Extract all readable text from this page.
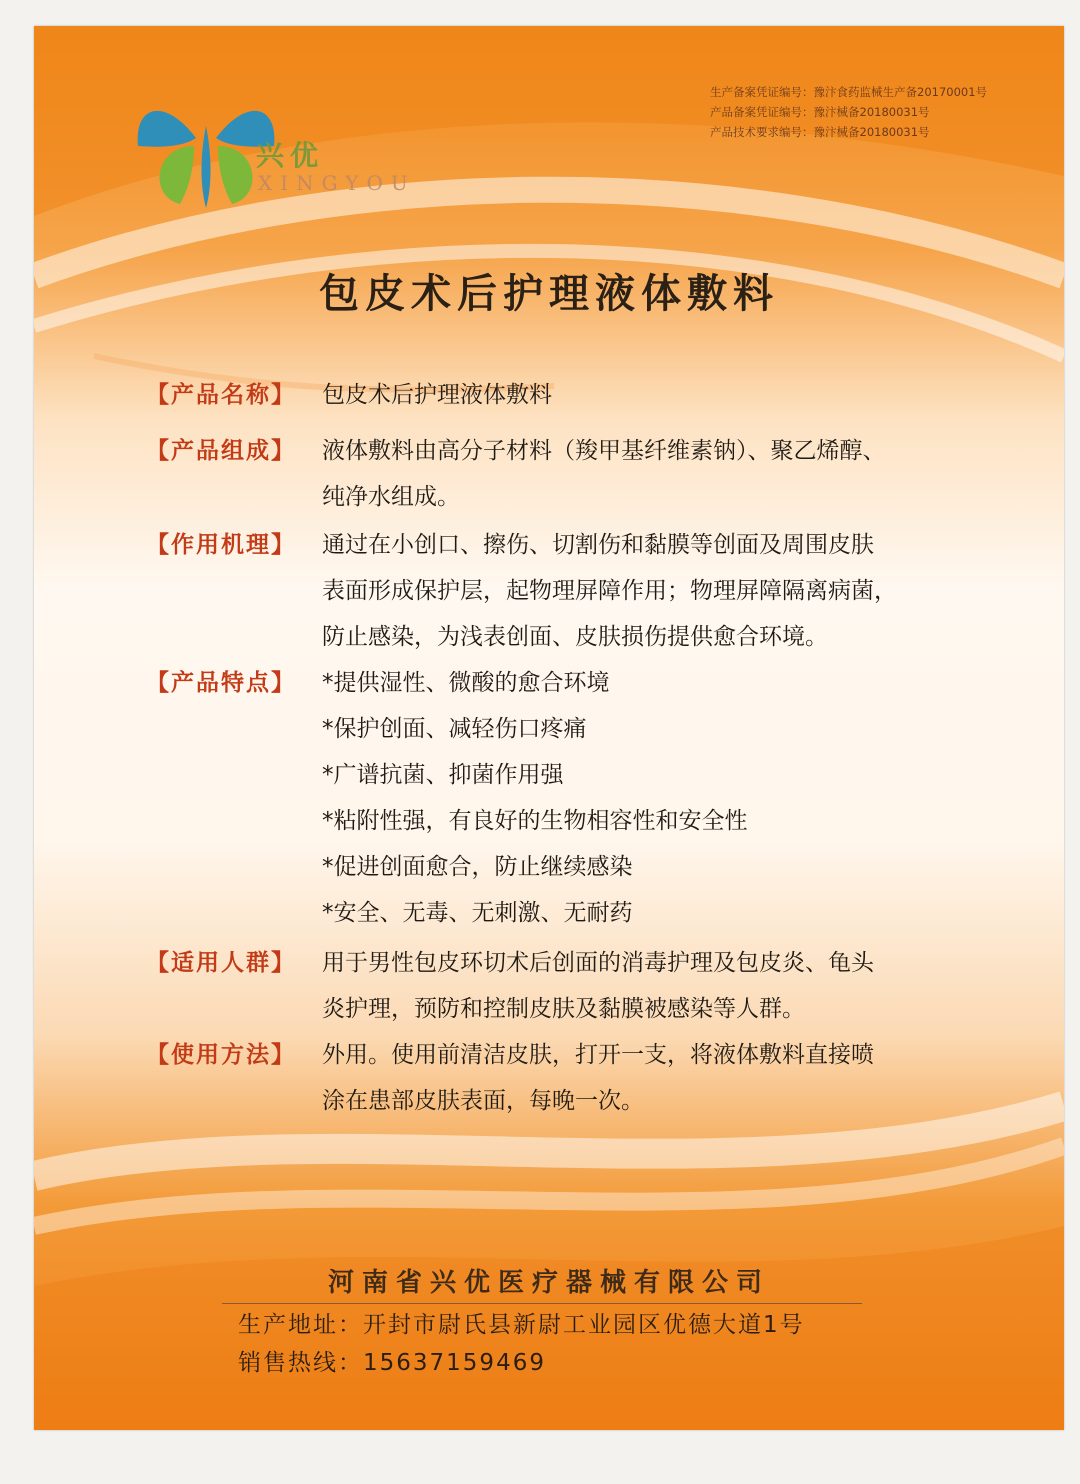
兴优
XINGYOU
生产备案凭证编号：豫汴食药监械生产备20170001号
产品备案凭证编号：豫汴械备20180031号
产品技术要求编号：豫汴械备20180031号
包皮术后护理液体敷料
【产品名称】 包皮术后护理液体敷料
【产品组成】 液体敷料由高分子材料（羧甲基纤维素钠）、聚乙烯醇、
纯净水组成。
【作用机理】 通过在小创口、擦伤、切割伤和黏膜等创面及周围皮肤
表面形成保护层，起物理屏障作用；物理屏障隔离病菌，
防止感染，为浅表创面、皮肤损伤提供愈合环境。
【产品特点】 *提供湿性、微酸的愈合环境
*保护创面、减轻伤口疼痛
*广谱抗菌、抑菌作用强
*粘附性强，有良好的生物相容性和安全性
*促进创面愈合，防止继续感染
*安全、无毒、无刺激、无耐药
【适用人群】 用于男性包皮环切术后创面的消毒护理及包皮炎、龟头
炎护理，预防和控制皮肤及黏膜被感染等人群。
【使用方法】 外用。使用前清洁皮肤，打开一支，将液体敷料直接喷
涂在患部皮肤表面，每晚一次。
河南省兴优医疗器械有限公司
生产地址：开封市尉氏县新尉工业园区优德大道1号
销售热线：15637159469
